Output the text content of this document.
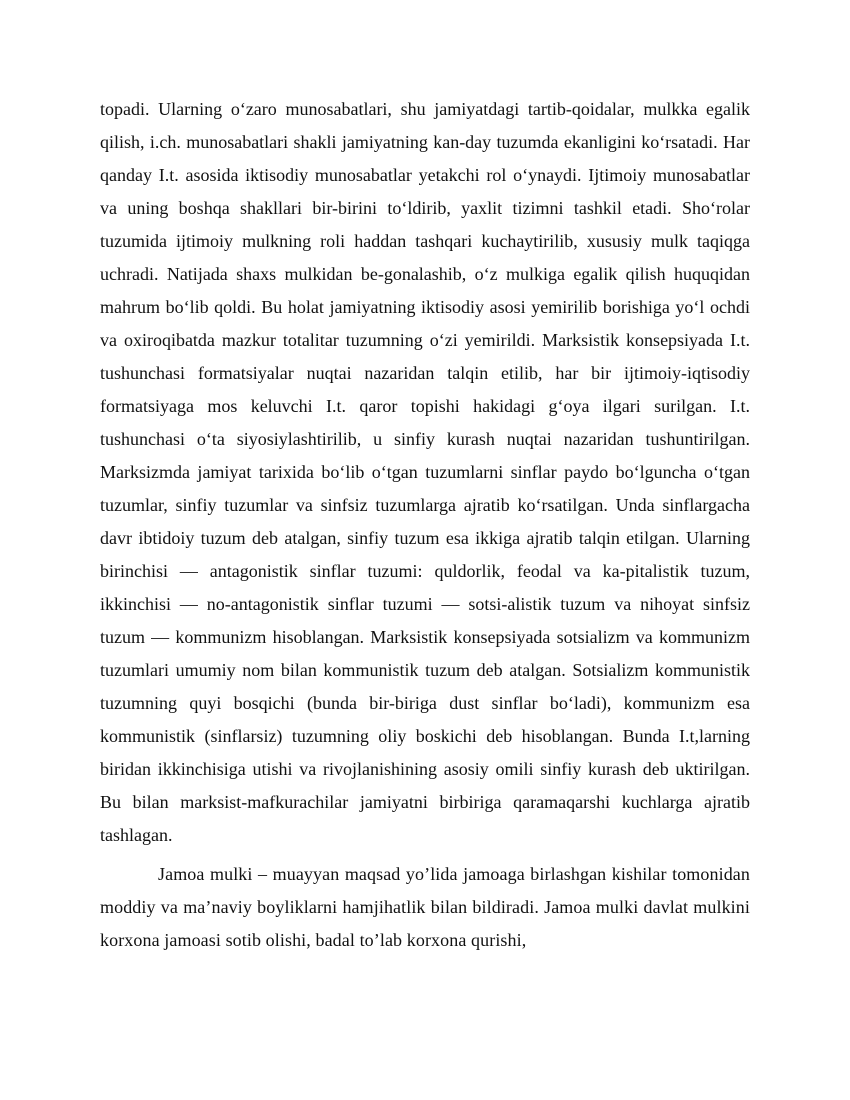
topadi. Ularning o‘zaro munosabatlari, shu jamiyatdagi tartib-qoidalar, mulkka egalik qilish, i.ch. munosabatlari shakli jamiyatning kan-day tuzumda ekanligini ko‘rsatadi. Har qanday I.t. asosida iktisodiy munosabatlar yetakchi rol o‘ynaydi. Ijtimoiy munosabatlar va uning boshqa shakllari bir-birini to‘ldirib, yaxlit tizimni tashkil etadi. Sho‘rolar tuzumida ijtimoiy mulkning roli haddan tashqari kuchaytirilib, xususiy mulk taqiqga uchradi. Natijada shaxs mulkidan be-gonalashib, o‘z mulkiga egalik qilish huquqidan mahrum bo‘lib qoldi. Bu holat jamiyatning iktisodiy asosi yemirilib borishiga yo‘l ochdi va oxiroqibatda mazkur totalitar tuzumning o‘zi yemirildi. Marksistik konsepsiyada I.t. tushunchasi formatsiyalar nuqtai nazaridan talqin etilib, har bir ijtimoiy-iqtisodiy formatsiyaga mos keluvchi I.t. qaror topishi hakidagi g‘oya ilgari surilgan. I.t. tushunchasi o‘ta siyosiylashtirilib, u sinfiy kurash nuqtai nazaridan tushuntirilgan. Marksizmda jamiyat tarixida bo‘lib o‘tgan tuzumlarni sinflar paydo bo‘lguncha o‘tgan tuzumlar, sinfiy tuzumlar va sinfsiz tuzumlarga ajratib ko‘rsatilgan. Unda sinflargacha davr ibtidoiy tuzum deb atalgan, sinfiy tuzum esa ikkiga ajratib talqin etilgan. Ularning birinchisi — antagonistik sinflar tuzumi: quldorlik, feodal va ka-pitalistik tuzum, ikkinchisi — no-antagonistik sinflar tuzumi — sotsi-alistik tuzum va nihoyat sinfsiz tuzum — kommunizm hisoblangan. Marksistik konsepsiyada sotsializm va kommunizm tuzumlari umumiy nom bilan kommunistik tuzum deb atalgan. Sotsializm kommunistik tuzumning quyi bosqichi (bunda bir-biriga dust sinflar bo‘ladi), kommunizm esa kommunistik (sinflarsiz) tuzumning oliy boskichi deb hisoblangan. Bunda I.t,larning biridan ikkinchisiga utishi va rivojlanishining asosiy omili sinfiy kurash deb uktirilgan. Bu bilan marksist-mafkurachilar jamiyatni birbiriga qaramaqarshi kuchlarga ajratib tashlagan.

Jamoa mulki – muayyan maqsad yo’lida jamoaga birlashgan kishilar tomonidan moddiy va ma’naviy boyliklarni hamjihatlik bilan bildiradi. Jamoa mulki davlat mulkini korxona jamoasi sotib olishi, badal to’lab korxona qurishi,
